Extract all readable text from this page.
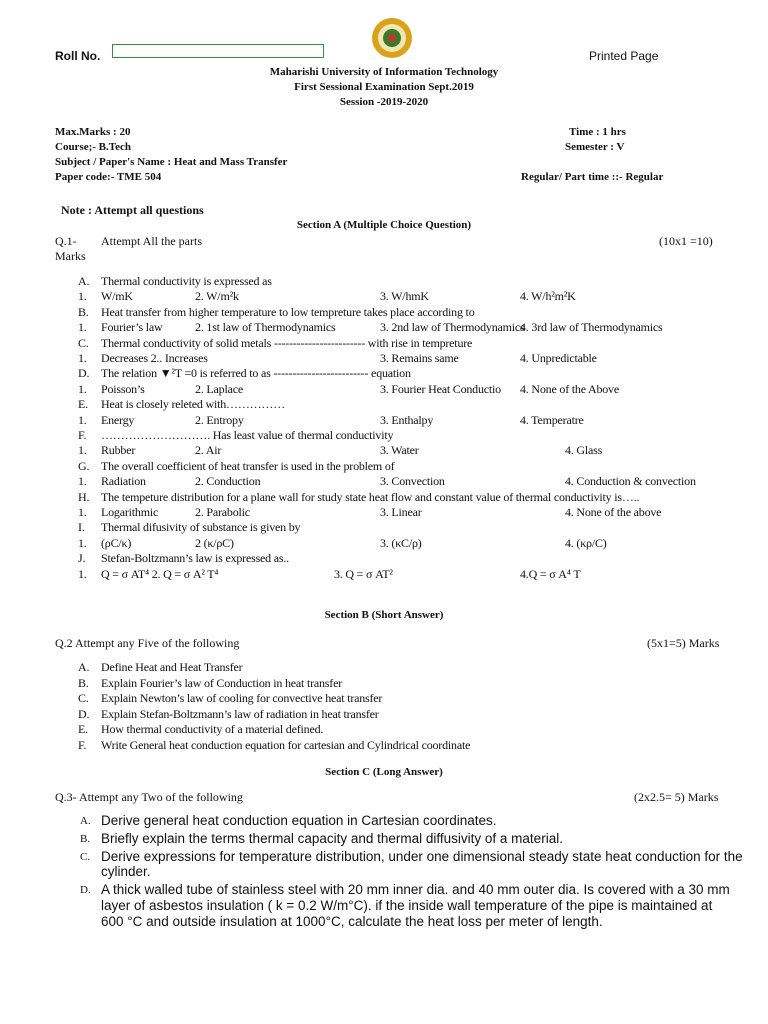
Roll No.	Printed Page
Maharishi University of Information Technology
First Sessional Examination Sept.2019
Session -2019-2020
Max.Marks : 20	Time : 1 hrs
Course;- B.Tech	Semester : V
Subject / Paper's Name : Heat and Mass Transfer
Paper code:- TME 504	Regular/ Part time ::- Regular
Note : Attempt all questions
Section A (Multiple Choice Question)
Q.1- Attempt All the parts	(10x1 =10)
Marks
A. Thermal conductivity is expressed as
1. W/mK	2. W/m²k	3. W/hmK	4. W/h²m²K
B. Heat transfer from higher temperature to low tempreture takes place according to
1. Fourier’s law	2. 1st law of Thermodynamics	3. 2nd law of Thermodynamics
4. 3rd law of Thermodynamics
C. Thermal conductivity of solid metals ------------------------ with rise in tempreture
1. Decreases 2.. Increases	3. Remains same	4. Unpredictable
D. The relation ▼²T =0 is referred to as ------------------------- equation
1. Poisson’s	2. Laplace	3. Fourier Heat Conductio 4. None of the Above
E. Heat is closely releted with……………
1. Energy	2. Entropy	3. Enthalpy	4. Temperatre
F. ………………………. Has least value of thermal conductivity
1. Rubber	2. Air	3. Water	4. Glass
G. The overall coefficient of heat transfer is used in the problem of
1. Radiation	2. Conduction	3. Convection	4. Conduction & convection
H. The tempeture distribution for a plane wall for study state heat flow and constant value of thermal conductivity is…..
1. Logarithmic	2. Parabolic	3. Linear	4. None of the above
I. Thermal difusivity of substance is given by
1. (ρC/κ)	2 (κ/ρC)	3. (κC/ρ)	4. (κρ/C)
J. Stefan-Boltzmann’s law is expressed as..
1. Q = σ AT⁴ 2. Q = σ A² T⁴	3. Q = σ AT²	4.Q = σ A⁴ T
Section B (Short Answer)
Q.2 Attempt any Five of the following	(5x1=5) Marks
A. Define Heat and Heat Transfer
B. Explain Fourier’s law of Conduction in heat transfer
C. Explain Newton’s law of cooling for convective heat transfer
D. Explain Stefan-Boltzmann’s law of radiation in heat transfer
E. How thermal conductivity of a material defined.
F. Write General heat conduction equation for cartesian and Cylindrical coordinate
Section C (Long Answer)
Q.3- Attempt any Two of the following	(2x2.5= 5) Marks
A. Derive general heat conduction equation in Cartesian coordinates.
B. Briefly explain the terms thermal capacity and thermal diffusivity of a material.
C. Derive expressions for temperature distribution, under one dimensional steady state heat conduction for the
cylinder.
D. A thick walled tube of stainless steel with 20 mm inner dia. and 40 mm outer dia. Is covered with a 30 mm
layer of asbestos insulation ( k = 0.2 W/m°C). if the inside wall temperature of the pipe is maintained at
600 °C and outside insulation at 1000°C, calculate the heat loss per meter of length.
